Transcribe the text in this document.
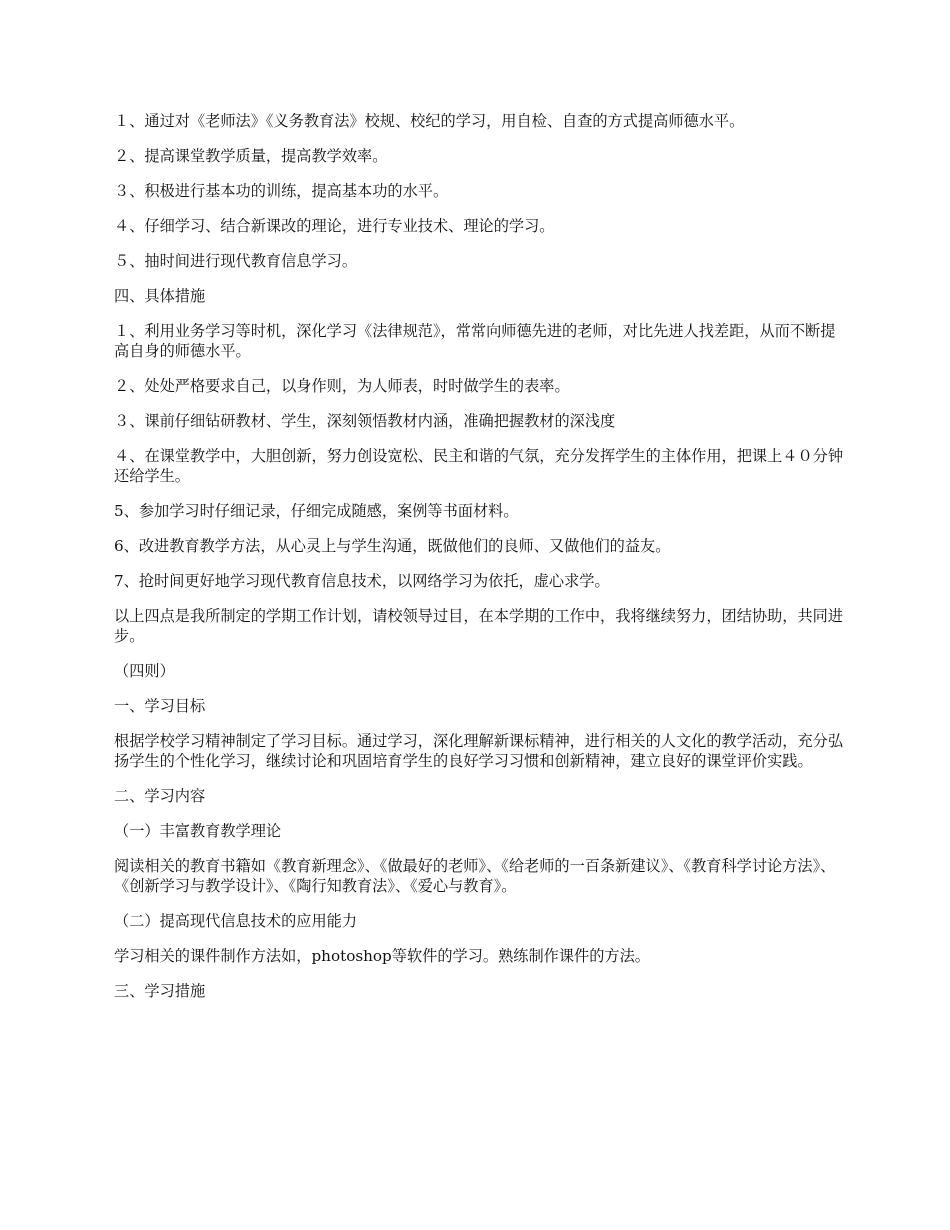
１、通过对《老师法》《义务教育法》校规、校纪的学习，用自检、自查的方式提高师德水平。

２、提高课堂教学质量，提高教学效率。

３、积极进行基本功的训练，提高基本功的水平。

４、仔细学习、结合新课改的理论，进行专业技术、理论的学习。

５、抽时间进行现代教育信息学习。

四、具体措施

１、利用业务学习等时机，深化学习《法律规范》，常常向师德先进的老师，对比先进人找差距，从而不断提高自身的师德水平。

２、处处严格要求自己，以身作则，为人师表，时时做学生的表率。

３、课前仔细钻研教材、学生，深刻领悟教材内涵，准确把握教材的深浅度

４、在课堂教学中，大胆创新，努力创设宽松、民主和谐的气氛，充分发挥学生的主体作用，把课上４０分钟还给学生。

5、参加学习时仔细记录，仔细完成随感，案例等书面材料。

6、改进教育教学方法，从心灵上与学生沟通，既做他们的良师、又做他们的益友。

7、抢时间更好地学习现代教育信息技术，以网络学习为依托，虚心求学。

以上四点是我所制定的学期工作计划，请校领导过目，在本学期的工作中，我将继续努力，团结协助，共同进步。

（四则）

一、学习目标

根据学校学习精神制定了学习目标。通过学习，深化理解新课标精神，进行相关的人文化的教学活动，充分弘扬学生的个性化学习，继续讨论和巩固培育学生的良好学习习惯和创新精神，建立良好的课堂评价实践。

二、学习内容

（一）丰富教育教学理论

阅读相关的教育书籍如《教育新理念》、《做最好的老师》、《给老师的一百条新建议》、《教育科学讨论方法》、《创新学习与教学设计》、《陶行知教育法》、《爱心与教育》。

（二）提高现代信息技术的应用能力

学习相关的课件制作方法如，photoshop等软件的学习。熟练制作课件的方法。

三、学习措施
